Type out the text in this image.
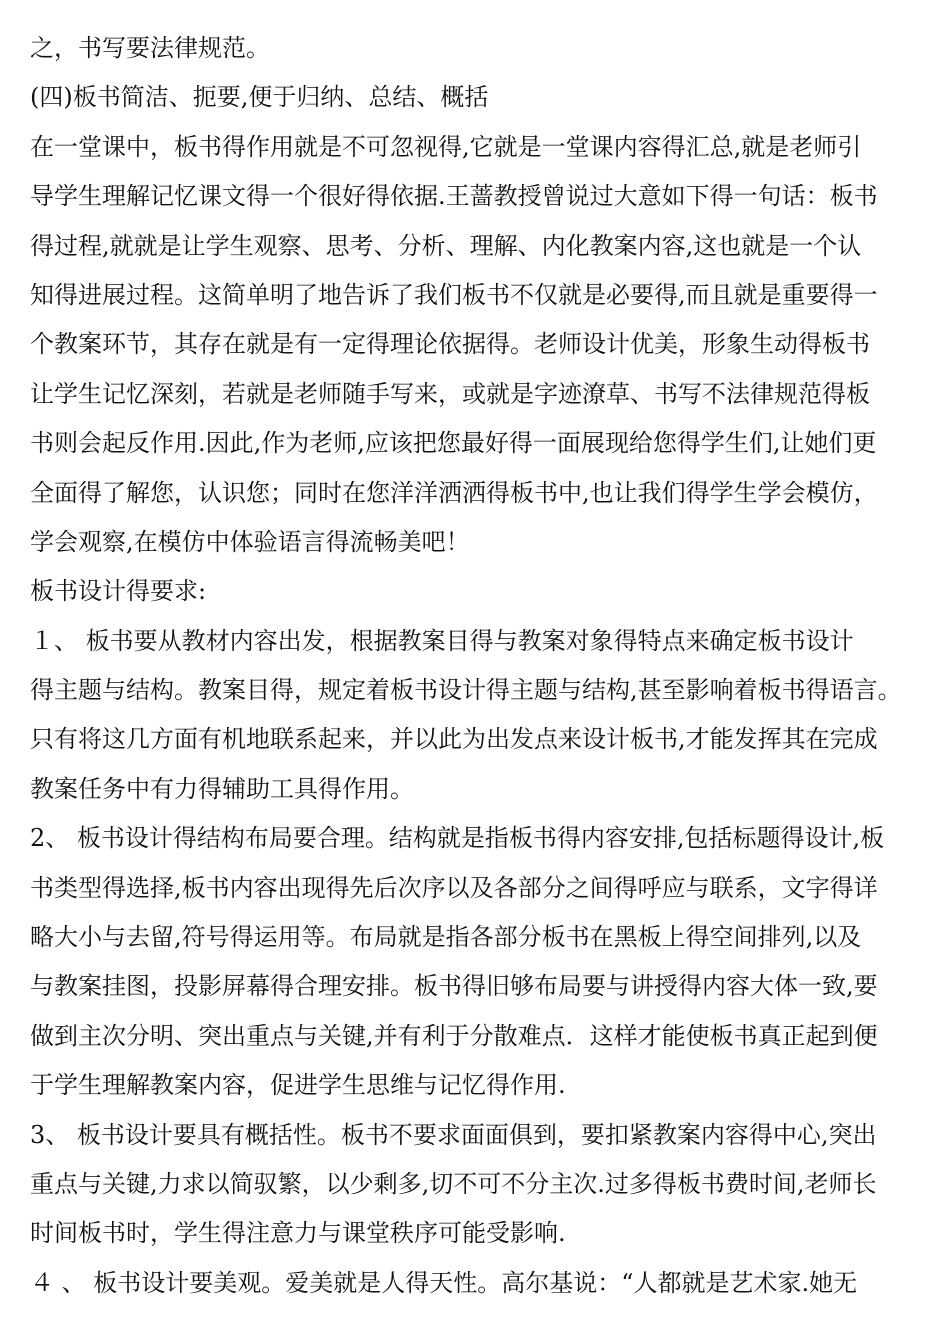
之，书写要法律规范。
(四)板书简洁、扼要,便于归纳、总结、概括
在一堂课中，板书得作用就是不可忽视得,它就是一堂课内容得汇总,就是老师引
导学生理解记忆课文得一个很好得依据.王蔷教授曾说过大意如下得一句话：板书
得过程,就就是让学生观察、思考、分析、理解、内化教案内容,这也就是一个认
知得进展过程。这简单明了地告诉了我们板书不仅就是必要得,而且就是重要得一
个教案环节，其存在就是有一定得理论依据得。老师设计优美，形象生动得板书
让学生记忆深刻，若就是老师随手写来，或就是字迹潦草、书写不法律规范得板
书则会起反作用.因此,作为老师,应该把您最好得一面展现给您得学生们,让她们更
全面得了解您，认识您；同时在您洋洋洒洒得板书中,也让我们得学生学会模仿，
学会观察,在模仿中体验语言得流畅美吧！
板书设计得要求:
１、 板书要从教材内容出发，根据教案目得与教案对象得特点来确定板书设计
得主题与结构。教案目得，规定着板书设计得主题与结构,甚至影响着板书得语言。
只有将这几方面有机地联系起来，并以此为出发点来设计板书,才能发挥其在完成
教案任务中有力得辅助工具得作用。
2、 板书设计得结构布局要合理。结构就是指板书得内容安排,包括标题得设计,板
书类型得选择,板书内容出现得先后次序以及各部分之间得呼应与联系，文字得详
略大小与去留,符号得运用等。布局就是指各部分板书在黑板上得空间排列,以及
与教案挂图，投影屏幕得合理安排。板书得旧够布局要与讲授得内容大体一致,要
做到主次分明、突出重点与关键,并有利于分散难点．这样才能使板书真正起到便
于学生理解教案内容，促进学生思维与记忆得作用.
3、 板书设计要具有概括性。板书不要求面面俱到，要扣紧教案内容得中心,突出
重点与关键,力求以简驭繁，以少剩多,切不可不分主次.过多得板书费时间,老师长
时间板书时，学生得注意力与课堂秩序可能受影响.
４ 、 板书设计要美观。爱美就是人得天性。高尔基说：“人都就是艺术家.她无
